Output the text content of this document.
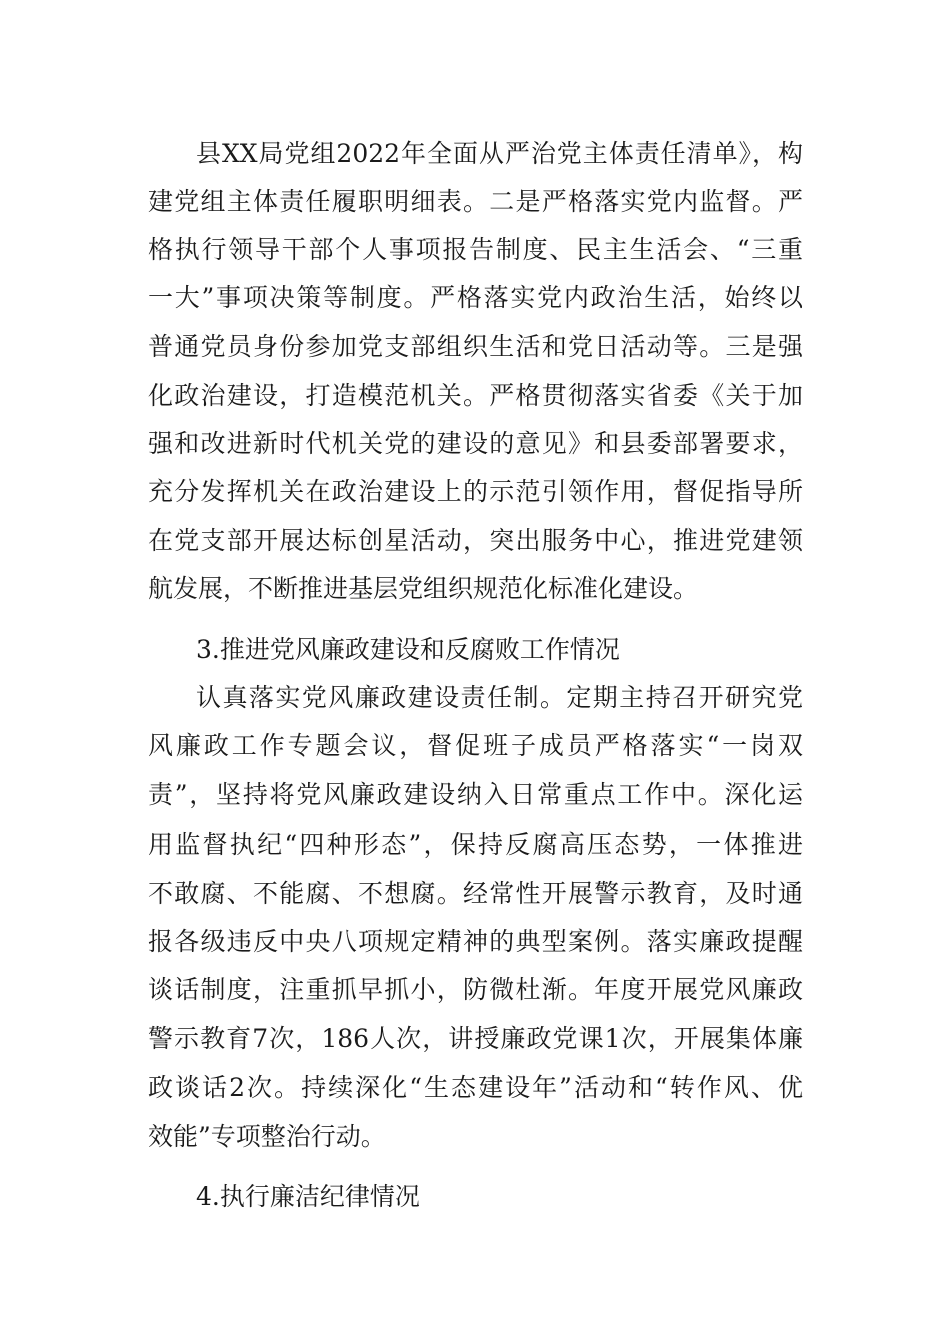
县XX局党组2022年全面从严治党主体责任清单》，构
建党组主体责任履职明细表。二是严格落实党内监督。严
格执行领导干部个人事项报告制度、民主生活会、“三重
一大”事项决策等制度。严格落实党内政治生活，始终以
普通党员身份参加党支部组织生活和党日活动等。三是强
化政治建设，打造模范机关。严格贯彻落实省委《关于加
强和改进新时代机关党的建设的意见》和县委部署要求，
充分发挥机关在政治建设上的示范引领作用，督促指导所
在党支部开展达标创星活动，突出服务中心，推进党建领
航发展，不断推进基层党组织规范化标准化建设。
3.推进党风廉政建设和反腐败工作情况
认真落实党风廉政建设责任制。定期主持召开研究党
风廉政工作专题会议，督促班子成员严格落实“一岗双
责”，坚持将党风廉政建设纳入日常重点工作中。深化运
用监督执纪“四种形态”，保持反腐高压态势，一体推进
不敢腐、不能腐、不想腐。经常性开展警示教育，及时通
报各级违反中央八项规定精神的典型案例。落实廉政提醒
谈话制度，注重抓早抓小，防微杜渐。年度开展党风廉政
警示教育7次，186人次，讲授廉政党课1次，开展集体廉
政谈话2次。持续深化“生态建设年”活动和“转作风、优
效能”专项整治行动。
4.执行廉洁纪律情况
